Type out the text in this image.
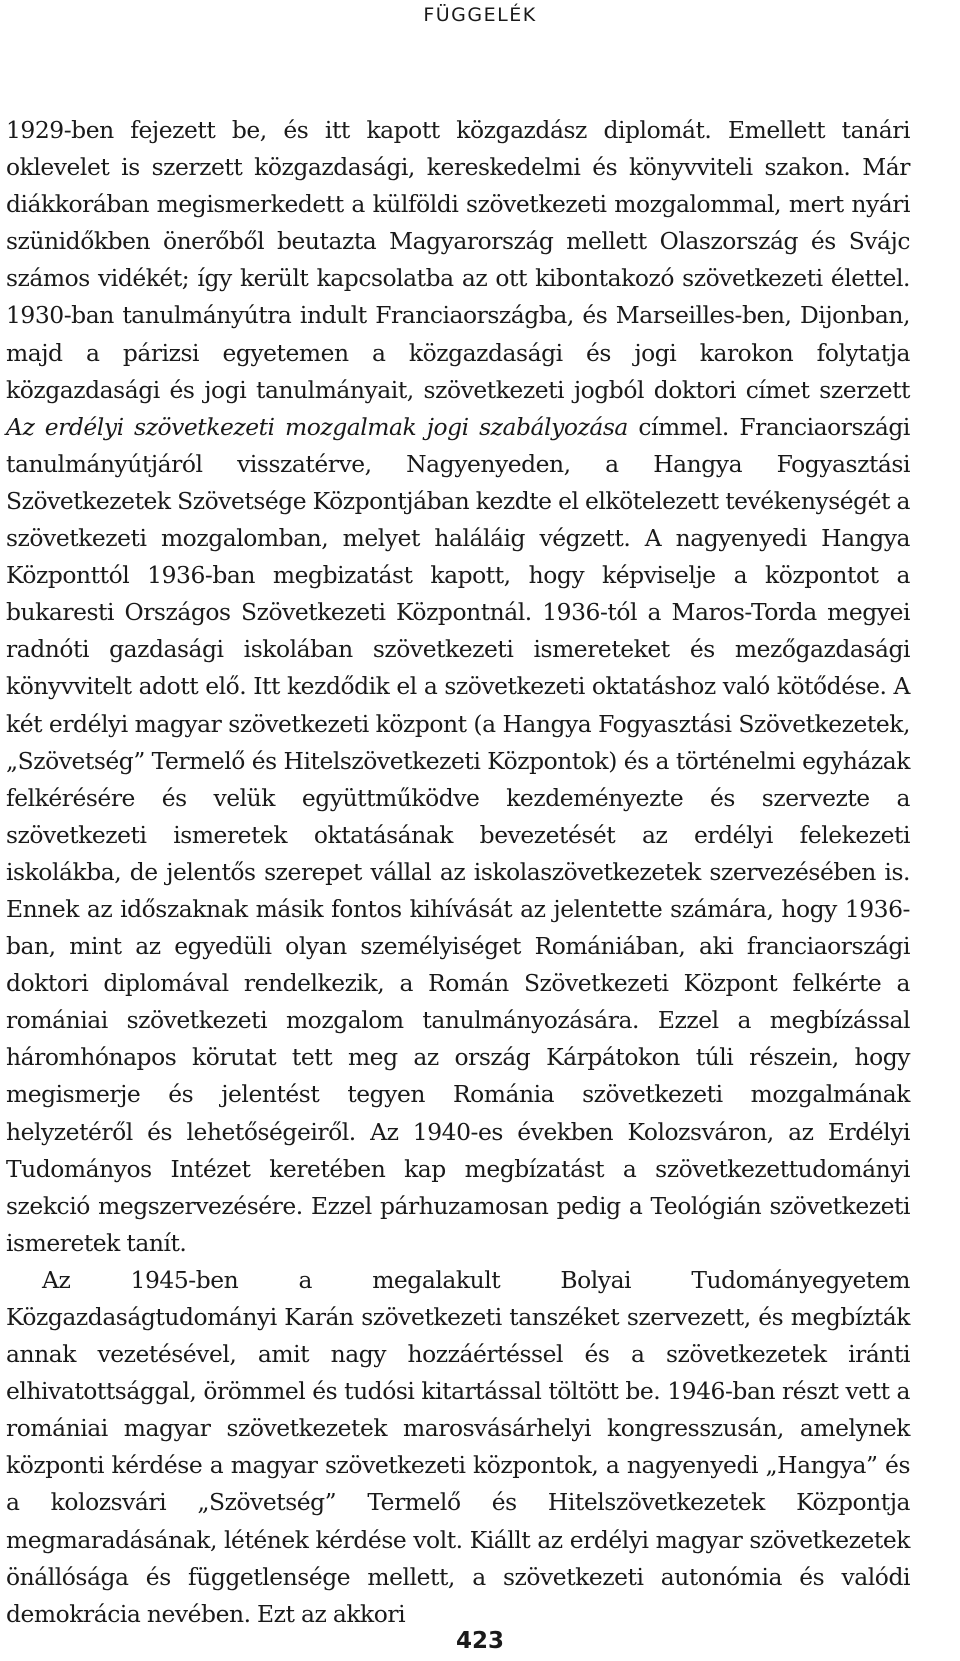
FÜGGELÉK

1929-ben fejezett be, és itt kapott közgazdász diplomát. Emellett tanári oklevelet is szerzett közgazdasági, kereskedelmi és könyvviteli szakon. Már diákkorában megismerkedett a külföldi szövetkezeti mozgalommal, mert nyári szünidőkben önerőből beutazta Magyarország mellett Olaszország és Svájc számos vidékét; így került kapcsolatba az ott kibontakozó szövetkezeti élettel. 1930-ban tanulmányútra indult Franciaországba, és Marseilles-ben, Dijonban, majd a párizsi egyetemen a közgazdasági és jogi karokon folytatja közgazdasági és jogi tanulmányait, szövetkezeti jogból doktori címet szerzett Az erdélyi szövetkezeti mozgalmak jogi szabályozása címmel. Franciaországi tanulmányútjáról visszatérve, Nagyenyeden, a Hangya Fogyasztási Szövetkezetek Szövetsége Központjában kezdte el elkötelezett tevékenységét a szövetkezeti mozgalomban, melyet haláláig végzett. A nagyenyedi Hangya Központtól 1936-ban megbizatást kapott, hogy képviselje a központot a bukaresti Országos Szövetkezeti Központnál. 1936-tól a Maros-Torda megyei radnóti gazdasági iskolában szövetkezeti ismereteket és mezőgazdasági könyvvitelt adott elő. Itt kezdődik el a szövetkezeti oktatáshoz való kötődése. A két erdélyi magyar szövetkezeti központ (a Hangya Fogyasztási Szövetkezetek, „Szövetség” Termelő és Hitelszövetkezeti Központok) és a történelmi egyházak felkérésére és velük együttműködve kezdeményezte és szervezte a szövetkezeti ismeretek oktatásának bevezetését az erdélyi felekezeti iskolákba, de jelentős szerepet vállal az iskolaszövetkezetek szervezésében is. Ennek az időszaknak másik fontos kihívását az jelentette számára, hogy 1936-ban, mint az egyedüli olyan személyiséget Romániában, aki franciaországi doktori diplomával rendelkezik, a Román Szövetkezeti Központ felkérte a romániai szövetkezeti mozgalom tanulmányozására. Ezzel a megbízással háromhónapos körutat tett meg az ország Kárpátokon túli részein, hogy megismerje és jelentést tegyen Románia szövetkezeti mozgalmának helyzetéről és lehetőségeiről. Az 1940-es években Kolozsváron, az Erdélyi Tudományos Intézet keretében kap megbízatást a szövetkezettudományi szekció megszervezésére. Ezzel párhuzamosan pedig a Teológián szövetkezeti ismeretek tanít.

Az 1945-ben a megalakult Bolyai Tudományegyetem Közgazdaságtudományi Karán szövetkezeti tanszéket szervezett, és megbízták annak vezetésével, amit nagy hozzáértéssel és a szövetkezetek iránti elhivatottsággal, örömmel és tudósi kitartással töltött be. 1946-ban részt vett a romániai magyar szövetkezetek marosvásárhelyi kongresszusán, amelynek központi kérdése a magyar szövetkezeti központok, a nagyenyedi „Hangya” és a kolozsvári „Szövetség” Termelő és Hitelszövetkezetek Központja megmaradásának, létének kérdése volt. Kiállt az erdélyi magyar szövetkezetek önállósága és függetlensége mellett, a szövetkezeti autonómia és valódi demokrácia nevében. Ezt az akkori

423
